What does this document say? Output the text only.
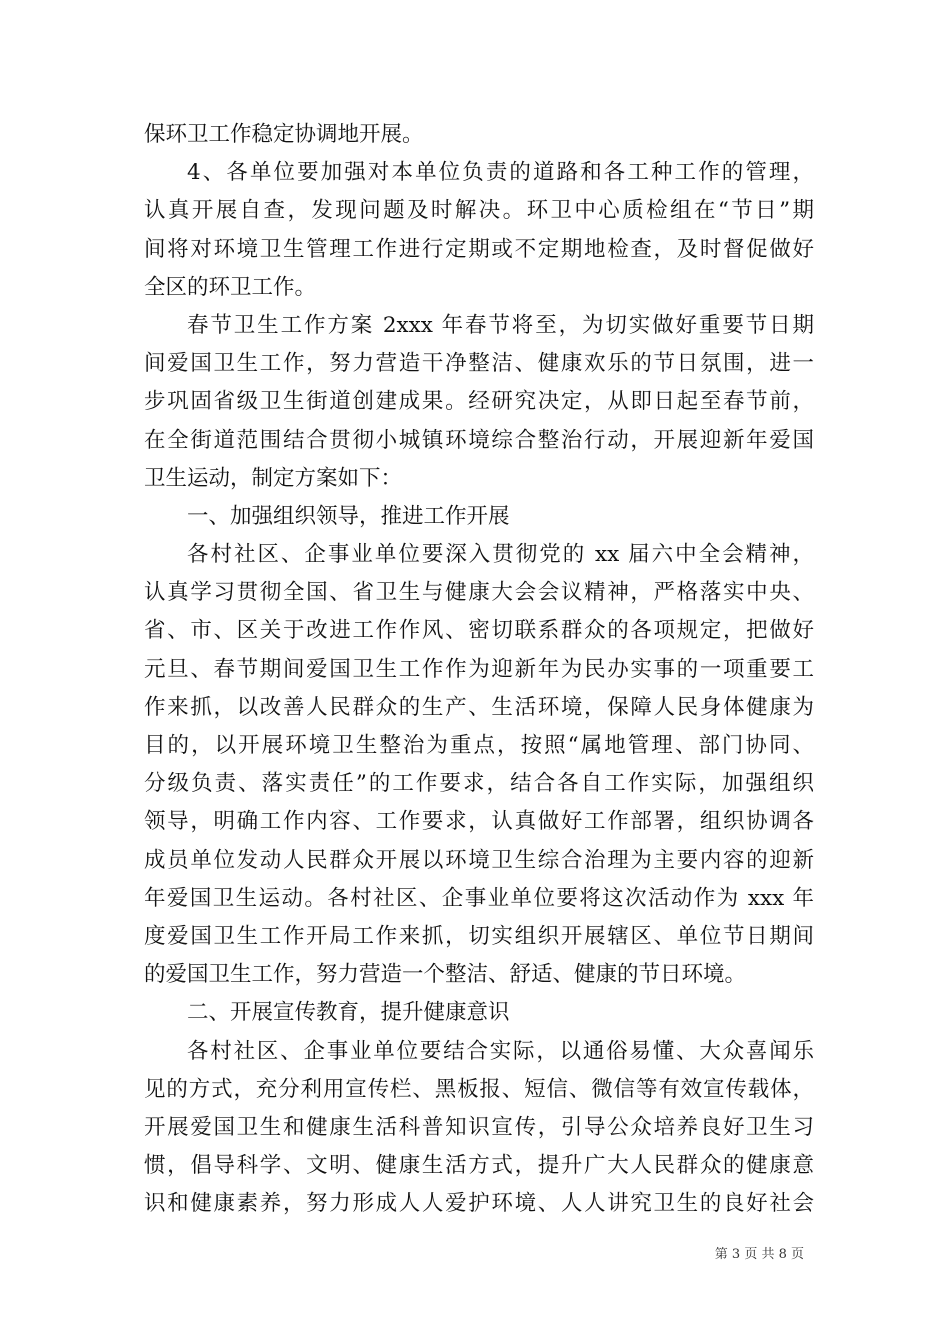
保环卫工作稳定协调地开展。
4、各单位要加强对本单位负责的道路和各工种工作的管理，
认真开展自查，发现问题及时解决。环卫中心质检组在“节日”期
间将对环境卫生管理工作进行定期或不定期地检查，及时督促做好
全区的环卫工作。
春节卫生工作方案 2xxx 年春节将至，为切实做好重要节日期
间爱国卫生工作，努力营造干净整洁、健康欢乐的节日氛围，进一
步巩固省级卫生街道创建成果。经研究决定，从即日起至春节前，
在全街道范围结合贯彻小城镇环境综合整治行动，开展迎新年爱国
卫生运动，制定方案如下：
一、加强组织领导，推进工作开展
各村社区、企事业单位要深入贯彻党的 xx 届六中全会精神，
认真学习贯彻全国、省卫生与健康大会会议精神，严格落实中央、
省、市、区关于改进工作作风、密切联系群众的各项规定，把做好
元旦、春节期间爱国卫生工作作为迎新年为民办实事的一项重要工
作来抓，以改善人民群众的生产、生活环境，保障人民身体健康为
目的，以开展环境卫生整治为重点，按照“属地管理、部门协同、
分级负责、落实责任”的工作要求，结合各自工作实际，加强组织
领导，明确工作内容、工作要求，认真做好工作部署，组织协调各
成员单位发动人民群众开展以环境卫生综合治理为主要内容的迎新
年爱国卫生运动。各村社区、企事业单位要将这次活动作为 xxx 年
度爱国卫生工作开局工作来抓，切实组织开展辖区、单位节日期间
的爱国卫生工作，努力营造一个整洁、舒适、健康的节日环境。
二、开展宣传教育，提升健康意识
各村社区、企事业单位要结合实际，以通俗易懂、大众喜闻乐
见的方式，充分利用宣传栏、黑板报、短信、微信等有效宣传载体，
开展爱国卫生和健康生活科普知识宣传，引导公众培养良好卫生习
惯，倡导科学、文明、健康生活方式，提升广大人民群众的健康意
识和健康素养，努力形成人人爱护环境、人人讲究卫生的良好社会
第 3 页 共 8 页
